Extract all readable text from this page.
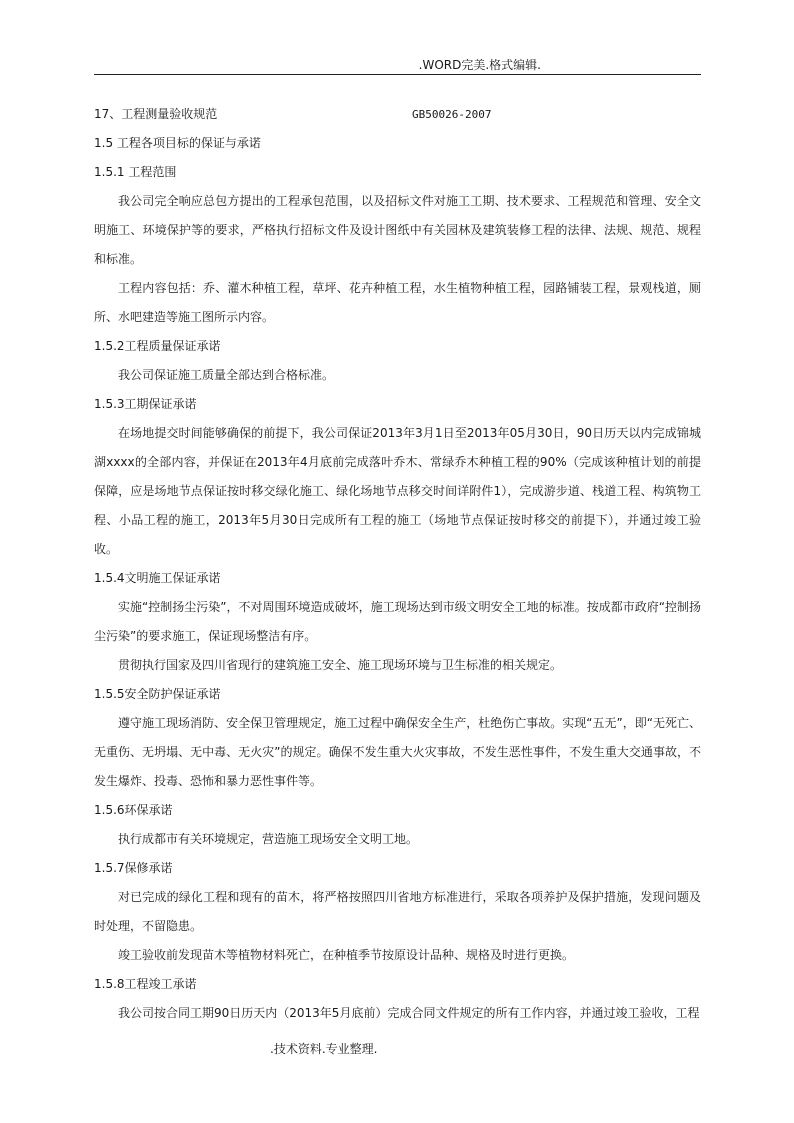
.WORD完美.格式编辑.
17、工程测量验收规范	GB50026-2007
1.5 工程各项目标的保证与承诺
1.5.1 工程范围

我公司完全响应总包方提出的工程承包范围，以及招标文件对施工工期、技术要求、工程规范和管理、安全文明施工、环境保护等的要求，严格执行招标文件及设计图纸中有关园林及建筑装修工程的法律、法规、规范、规程和标准。

工程内容包括：乔、灌木种植工程，草坪、花卉种植工程，水生植物种植工程，园路铺装工程，景观栈道，厕所、水吧建造等施工图所示内容。

1.5.2工程质量保证承诺

我公司保证施工质量全部达到合格标准。

1.5.3工期保证承诺

在场地提交时间能够确保的前提下，我公司保证2013年3月1日至2013年05月30日，90日历天以内完成锦城湖xxxx的全部内容，并保证在2013年4月底前完成落叶乔木、常绿乔木种植工程的90%（完成该种植计划的前提保障，应是场地节点保证按时移交绿化施工、绿化场地节点移交时间详附件1），完成游步道、栈道工程、构筑物工程、小品工程的施工，2013年5月30日完成所有工程的施工（场地节点保证按时移交的前提下），并通过竣工验收。

1.5.4文明施工保证承诺

实施“控制扬尘污染”，不对周围环境造成破坏，施工现场达到市级文明安全工地的标准。按成都市政府“控制扬尘污染”的要求施工，保证现场整洁有序。

贯彻执行国家及四川省现行的建筑施工安全、施工现场环境与卫生标准的相关规定。

1.5.5安全防护保证承诺

遵守施工现场消防、安全保卫管理规定，施工过程中确保安全生产，杜绝伤亡事故。实现“五无”，即“无死亡、无重伤、无坍塌、无中毒、无火灾”的规定。确保不发生重大火灾事故，不发生恶性事件，不发生重大交通事故，不发生爆炸、投毒、恐怖和暴力恶性事件等。

1.5.6环保承诺

执行成都市有关环境规定，营造施工现场安全文明工地。

1.5.7保修承诺

对已完成的绿化工程和现有的苗木，将严格按照四川省地方标准进行，采取各项养护及保护措施，发现问题及时处理，不留隐患。

竣工验收前发现苗木等植物材料死亡，在种植季节按原设计品种、规格及时进行更换。

1.5.8工程竣工承诺

我公司按合同工期90日历天内（2013年5月底前）完成合同文件规定的所有工作内容，并通过竣工验收，工程

.技术资料.专业整理.
